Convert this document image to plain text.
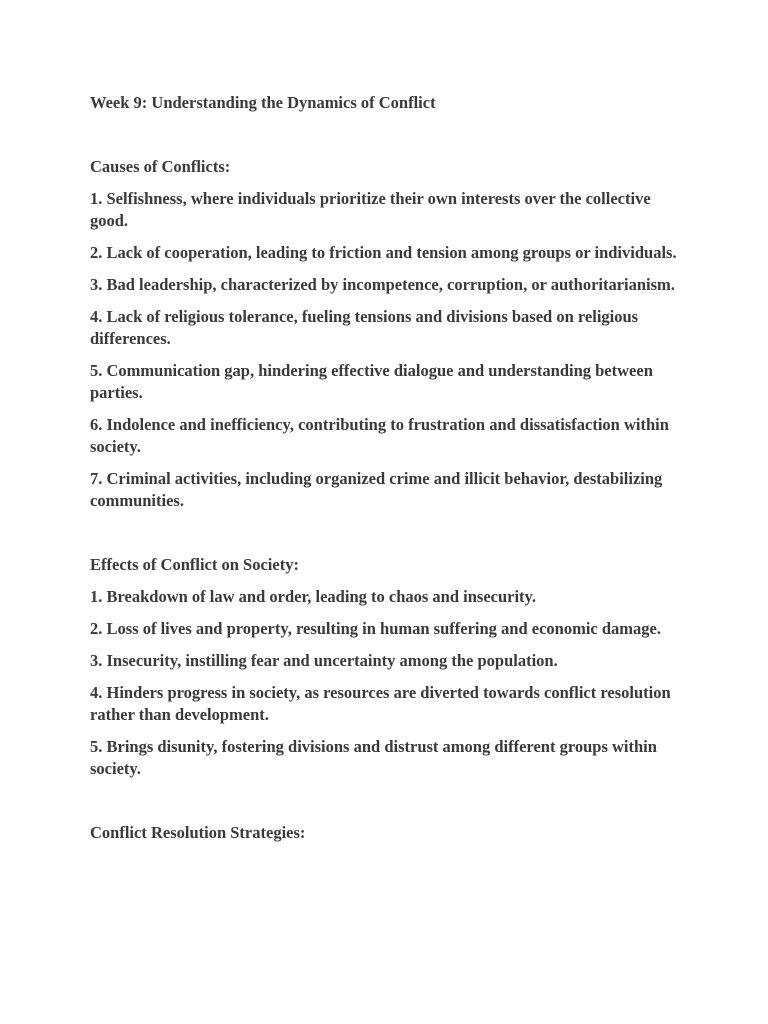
Week 9: Understanding the Dynamics of Conflict

Causes of Conflicts:

1. Selfishness, where individuals prioritize their own interests over the collective good.

2. Lack of cooperation, leading to friction and tension among groups or individuals.

3. Bad leadership, characterized by incompetence, corruption, or authoritarianism.

4. Lack of religious tolerance, fueling tensions and divisions based on religious differences.

5. Communication gap, hindering effective dialogue and understanding between parties.

6. Indolence and inefficiency, contributing to frustration and dissatisfaction within society.

7. Criminal activities, including organized crime and illicit behavior, destabilizing communities.

Effects of Conflict on Society:

1. Breakdown of law and order, leading to chaos and insecurity.

2. Loss of lives and property, resulting in human suffering and economic damage.

3. Insecurity, instilling fear and uncertainty among the population.

4. Hinders progress in society, as resources are diverted towards conflict resolution rather than development.

5. Brings disunity, fostering divisions and distrust among different groups within society.

Conflict Resolution Strategies:
